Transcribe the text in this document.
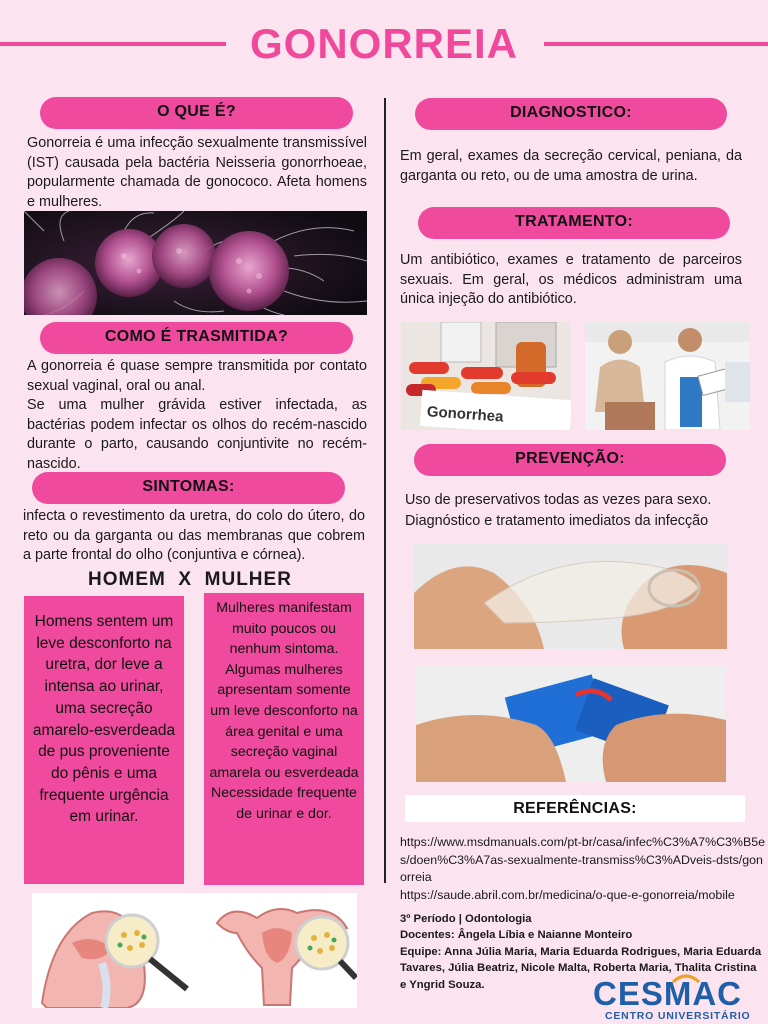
GONORREIA
O QUE É?
Gonorreia é uma infecção sexualmente transmissível (IST) causada pela bactéria Neisseria gonorrhoeae, popularmente chamada de gonococo. Afeta homens e mulheres.
COMO É TRASMITIDA?

A gonorreia é quase sempre transmitida por contato sexual vaginal, oral ou anal.

Se uma mulher grávida estiver infectada, as bactérias podem infectar os olhos do recém-nascido durante o parto, causando conjuntivite no recém-nascido.

SINTOMAS:
infecta o revestimento da uretra, do colo do útero, do reto ou da garganta ou das membranas que cobrem a parte frontal do olho (conjuntiva e córnea).
HOMEM X MULHER
Homens sentem um leve desconforto na uretra, dor leve a intensa ao urinar, uma secreção amarelo-esverdeada de pus proveniente do pênis e uma frequente urgência em urinar.
Mulheres manifestam muito poucos ou nenhum sintoma. Algumas mulheres apresentam somente um leve desconforto na área genital e uma secreção vaginal amarela ou esverdeada Necessidade frequente de urinar e dor.
DIAGNOSTICO:
Em geral, exames da secreção cervical, peniana, da garganta ou reto, ou de uma amostra de urina.
TRATAMENTO:
Um antibiótico, exames e tratamento de parceiros sexuais. Em geral, os médicos administram uma única injeção do antibiótico.
Gonorrhea
PREVENÇÃO:

Uso de preservativos todas as vezes para sexo.

Diagnóstico e tratamento imediatos da infecção

REFERÊNCIAS:

https://www.msdmanuals.com/pt-br/casa/infec%C3%A7%C3%B5es/doen%C3%A7as-sexualmente-transmiss%C3%ADveis-dsts/gonorreia

https://saude.abril.com.br/medicina/o-que-e-gonorreia/mobile

3º Período | Odontologia

Docentes: Ângela Líbia e Naianne Monteiro

Equipe: Anna Júlia Maria, Maria Eduarda Rodrigues, Maria Eduarda Tavares, Júlia Beatriz, Nicole Malta, Roberta Maria, Thalita Cristina e Yngrid Souza.	CESMAC
CENTRO UNIVERSITÁRIO
